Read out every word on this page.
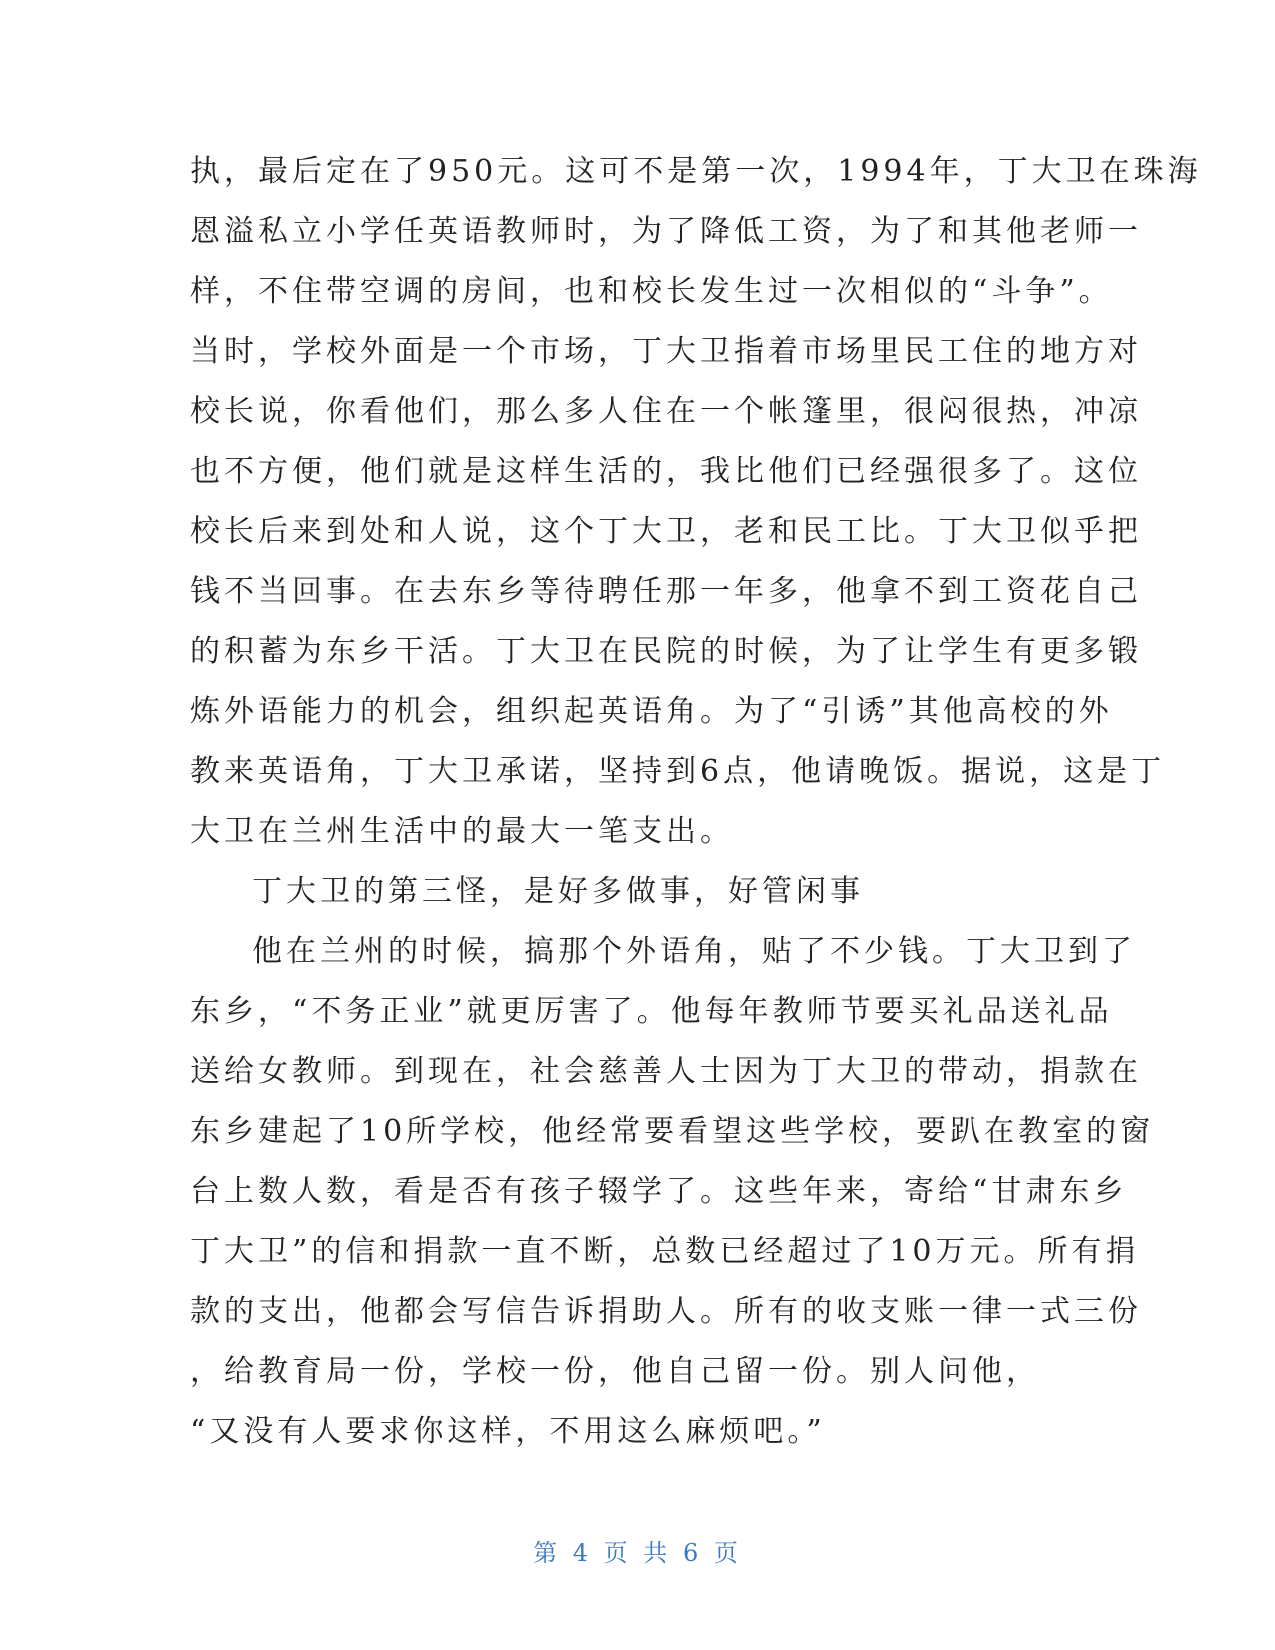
执，最后定在了950元。这可不是第一次，1994年，丁大卫在珠海
恩溢私立小学任英语教师时，为了降低工资，为了和其他老师一
样，不住带空调的房间，也和校长发生过一次相似的“斗争”。
当时，学校外面是一个市场，丁大卫指着市场里民工住的地方对
校长说，你看他们，那么多人住在一个帐篷里，很闷很热，冲凉
也不方便，他们就是这样生活的，我比他们已经强很多了。这位
校长后来到处和人说，这个丁大卫，老和民工比。丁大卫似乎把
钱不当回事。在去东乡等待聘任那一年多，他拿不到工资花自己
的积蓄为东乡干活。丁大卫在民院的时候，为了让学生有更多锻
炼外语能力的机会，组织起英语角。为了“引诱”其他高校的外
教来英语角，丁大卫承诺，坚持到6点，他请晚饭。据说，这是丁
大卫在兰州生活中的最大一笔支出。
丁大卫的第三怪，是好多做事，好管闲事
他在兰州的时候，搞那个外语角，贴了不少钱。丁大卫到了
东乡，“不务正业”就更厉害了。他每年教师节要买礼品送礼品
送给女教师。到现在，社会慈善人士因为丁大卫的带动，捐款在
东乡建起了10所学校，他经常要看望这些学校，要趴在教室的窗
台上数人数，看是否有孩子辍学了。这些年来，寄给“甘肃东乡
丁大卫”的信和捐款一直不断，总数已经超过了10万元。所有捐
款的支出，他都会写信告诉捐助人。所有的收支账一律一式三份
，给教育局一份，学校一份，他自己留一份。别人问他，
“又没有人要求你这样，不用这么麻烦吧。”
第 4 页 共 6 页
